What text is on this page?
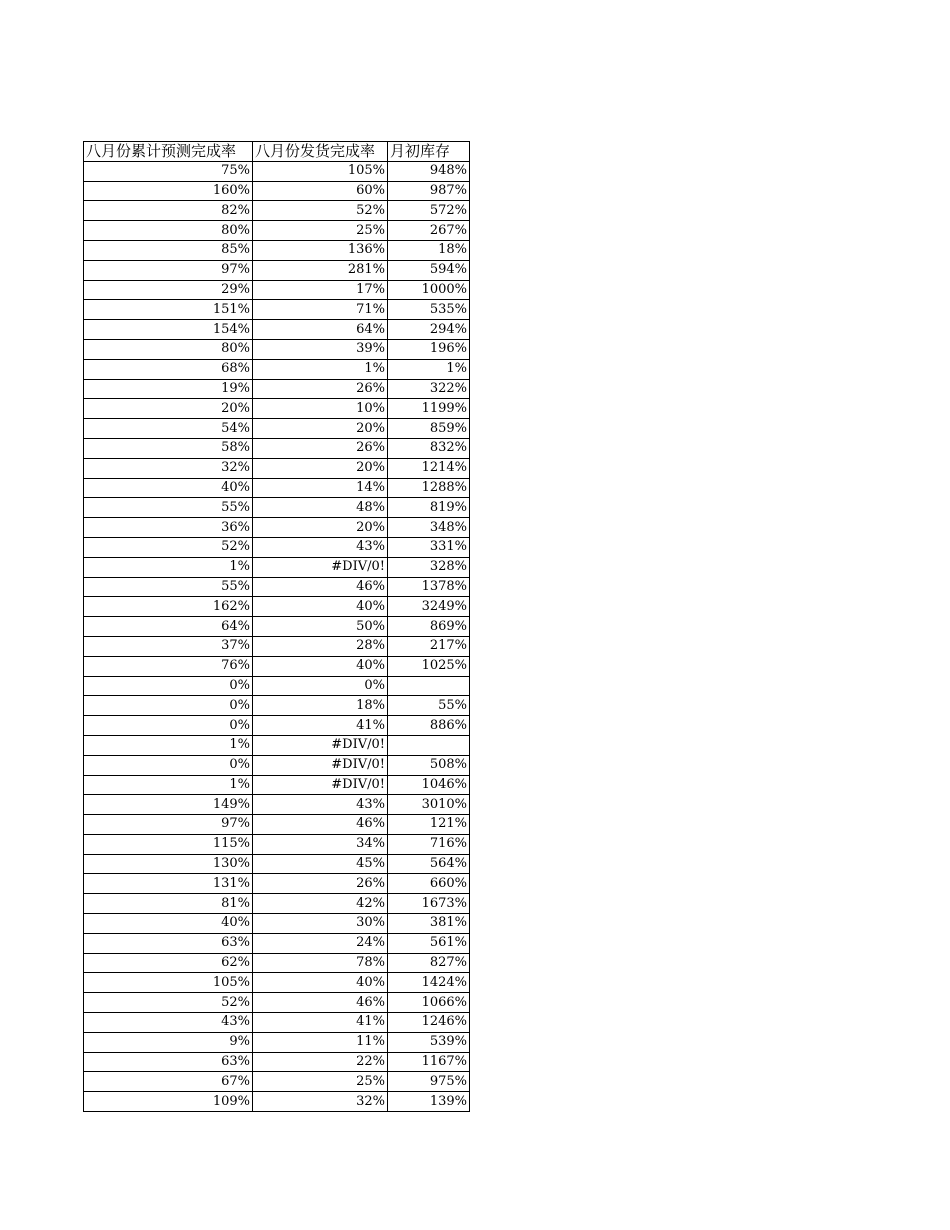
八月份累计预测完成率	八月份发货完成率	月初库存
75%	105%	948%
160%	60%	987%
82%	52%	572%
80%	25%	267%
85%	136%	18%
97%	281%	594%
29%	17%	1000%
151%	71%	535%
154%	64%	294%
80%	39%	196%
68%	1%	1%
19%	26%	322%
20%	10%	1199%
54%	20%	859%
58%	26%	832%
32%	20%	1214%
40%	14%	1288%
55%	48%	819%
36%	20%	348%
52%	43%	331%
1%	#DIV/0!	328%
55%	46%	1378%
162%	40%	3249%
64%	50%	869%
37%	28%	217%
76%	40%	1025%
0%	0%	
0%	18%	55%
0%	41%	886%
1%	#DIV/0!	
0%	#DIV/0!	508%
1%	#DIV/0!	1046%
149%	43%	3010%
97%	46%	121%
115%	34%	716%
130%	45%	564%
131%	26%	660%
81%	42%	1673%
40%	30%	381%
63%	24%	561%
62%	78%	827%
105%	40%	1424%
52%	46%	1066%
43%	41%	1246%
9%	11%	539%
63%	22%	1167%
67%	25%	975%
109%	32%	139%
